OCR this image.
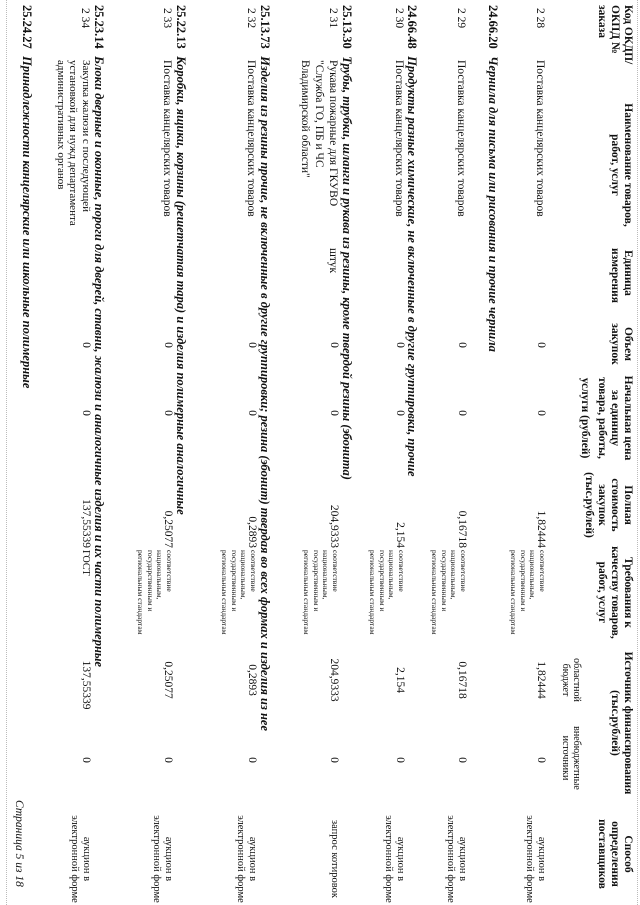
Код ОКДП/ ОКПД № заказа
Наименование товаров, работ, услуг
Единица измерения
Объем закупок
Начальная цена за единицу товара, работы,
услуги (рублей)
Полная стоимость закупок (тыс.рублей)
Требования к качеству товаров, работ, услуг
Источник финансирования (тыс.рублей)
областной бюджет
внебюджетные источники
Способ определения поставщиков
2 28
Поставка канцелярских товаров
0
0
1,82444
соответствие национальным, государственным и региональным стандартам
1,82444
0
аукцион в электронной форме
24.66.20 Чернила для письма или рисования и прочие чернила
2 29
Поставка канцелярских товаров
0
0
0,16718
соответствие национальным, государственным и региональным стандартам
0,16718
0
аукцион в электронной форме
24.66.48 Продукты разные химические, не включенные в другие группировки, прочие
2 30
Поставка канцелярских товаров
0
0
2,154
соответствие национальным, государственным и региональным стандартам
2,154
0
аукцион в электронной форме
25.13.30 Трубы, трубки, шланги и рукава из резины, кроме твердой резины (эбонита)
2 31
Рукава пожарные для ГКУВО "Служба ГО, ПБ и ЧС Владимирской области"
штук
0
0
204,9333
соответствие национальным, государственным и региональным стандартам
204,9333
0
запрос котировок
25.13.73 Изделия из резины прочие, не включенные в другие группировки; резина (эбонит) твердая во всех формах и изделия из нее
2 32
Поставка канцелярских товаров
0
0
0,2893
соответствие национальным, государственным и региональным стандартам
0,2893
0
аукцион в электронной форме
25.22.13 Коробки, ящики, корзины (решетчатая тара) и изделия полимерные аналогичные
2 33
Поставка канцелярских товаров
0
0
0,25077
соответствие национальным, государственным и региональным стандартам
0,25077
0
аукцион в электронной форме
25.23.14 Блоки дверные и оконные, пороги для дверей, ставни, жалюзи и аналогичные изделия и их части полимерные
2 34
Закупка жалюзи с последующей установкой для нужд департамента административных органов
0
0
137,55339
ГОСТ
137,55339
0
аукцион в электронной форме
25.24.27 Принадлежности канцелярские или школьные полимерные
Страница 5 из 18
